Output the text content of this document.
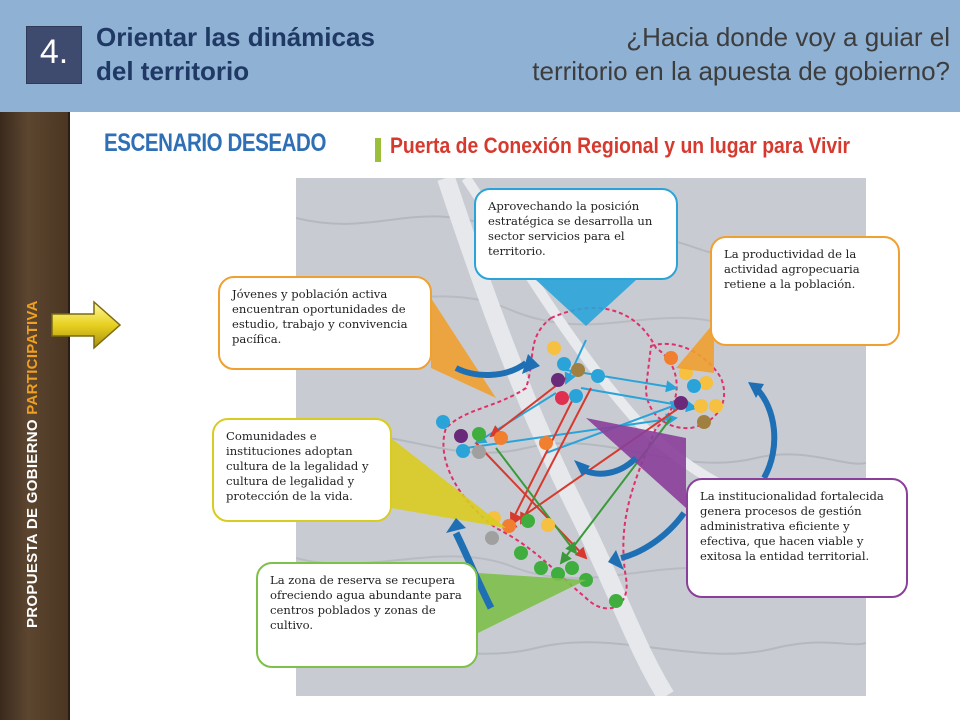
4.	Orientar las dinámicas
del territorio
¿Hacia donde voy a guiar el
territorio en la apuesta de gobierno?
PROPUESTA DE GOBIERNO PARTICIPATIVA
ESCENARIO DESEADO	Puerta de Conexión Regional y un lugar para Vivir
Aprovechando la posición estratégica se desarrolla un sector servicios para el territorio.	La productividad de la actividad agropecuaria retiene a la población.
Jóvenes y población activa encuentran oportunidades de estudio, trabajo y convivencia pacífica.
Comunidades e instituciones adoptan cultura de la legalidad y cultura de legalidad y protección de la vida.	La institucionalidad fortalecida genera procesos de gestión administrativa eficiente y efectiva, que hacen viable y exitosa la entidad territorial.
La zona de reserva se recupera ofreciendo agua abundante para centros poblados y zonas de cultivo.
